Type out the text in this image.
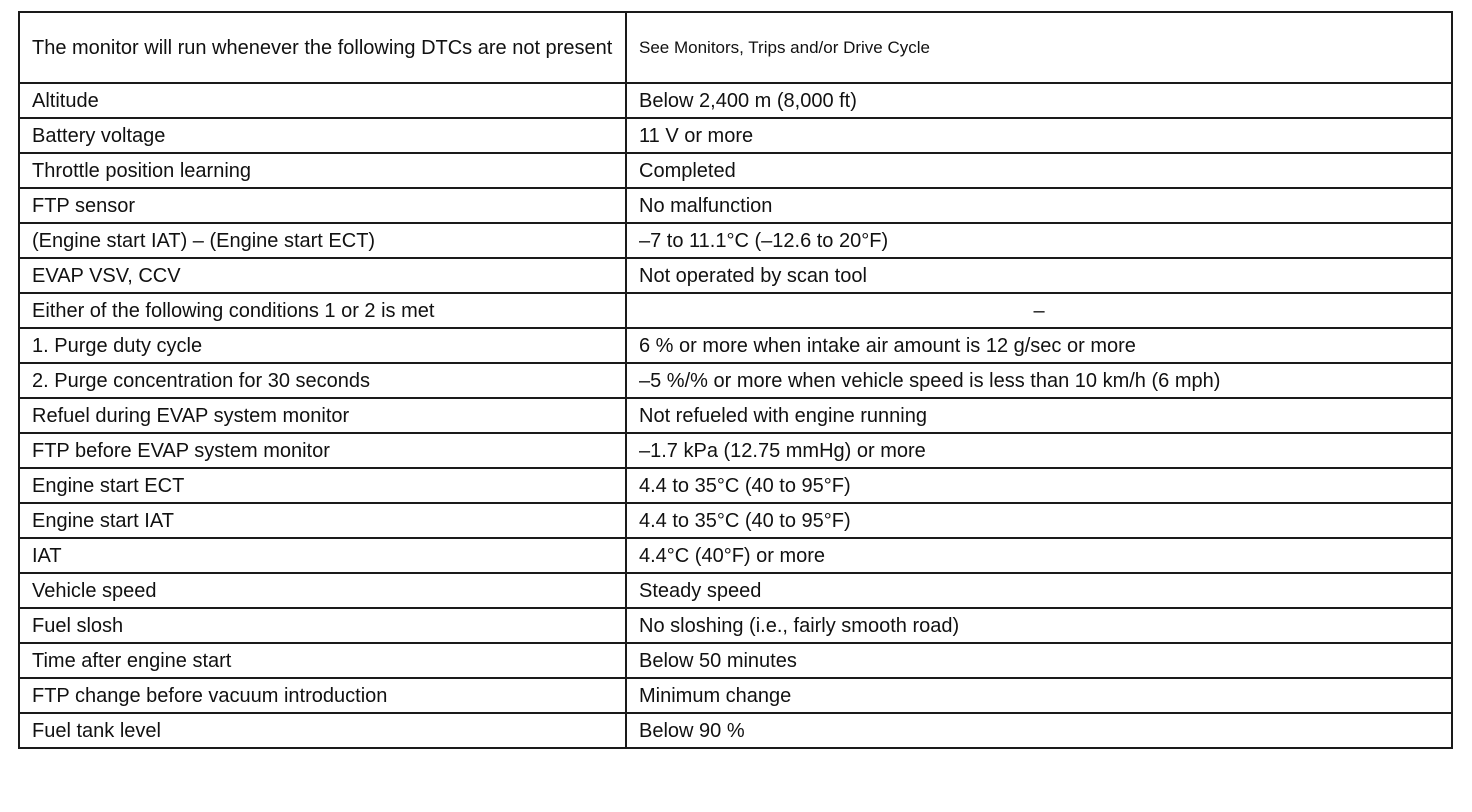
The monitor will run whenever the following DTCs are not present	See Monitors, Trips and/or Drive Cycle
Altitude	Below 2,400 m (8,000 ft)
Battery voltage	11 V or more
Throttle position learning	Completed
FTP sensor	No malfunction
(Engine start IAT) – (Engine start ECT)	–7 to 11.1°C (–12.6 to 20°F)
EVAP VSV, CCV	Not operated by scan tool
Either of the following conditions 1 or 2 is met	–
1. Purge duty cycle	6 % or more when intake air amount is 12 g/sec or more
2. Purge concentration for 30 seconds	–5 %/% or more when vehicle speed is less than 10 km/h (6 mph)
Refuel during EVAP system monitor	Not refueled with engine running
FTP before EVAP system monitor	–1.7 kPa (12.75 mmHg) or more
Engine start ECT	4.4 to 35°C (40 to 95°F)
Engine start IAT	4.4 to 35°C (40 to 95°F)
IAT	4.4°C (40°F) or more
Vehicle speed	Steady speed
Fuel slosh	No sloshing (i.e., fairly smooth road)
Time after engine start	Below 50 minutes
FTP change before vacuum introduction	Minimum change
Fuel tank level	Below 90 %
